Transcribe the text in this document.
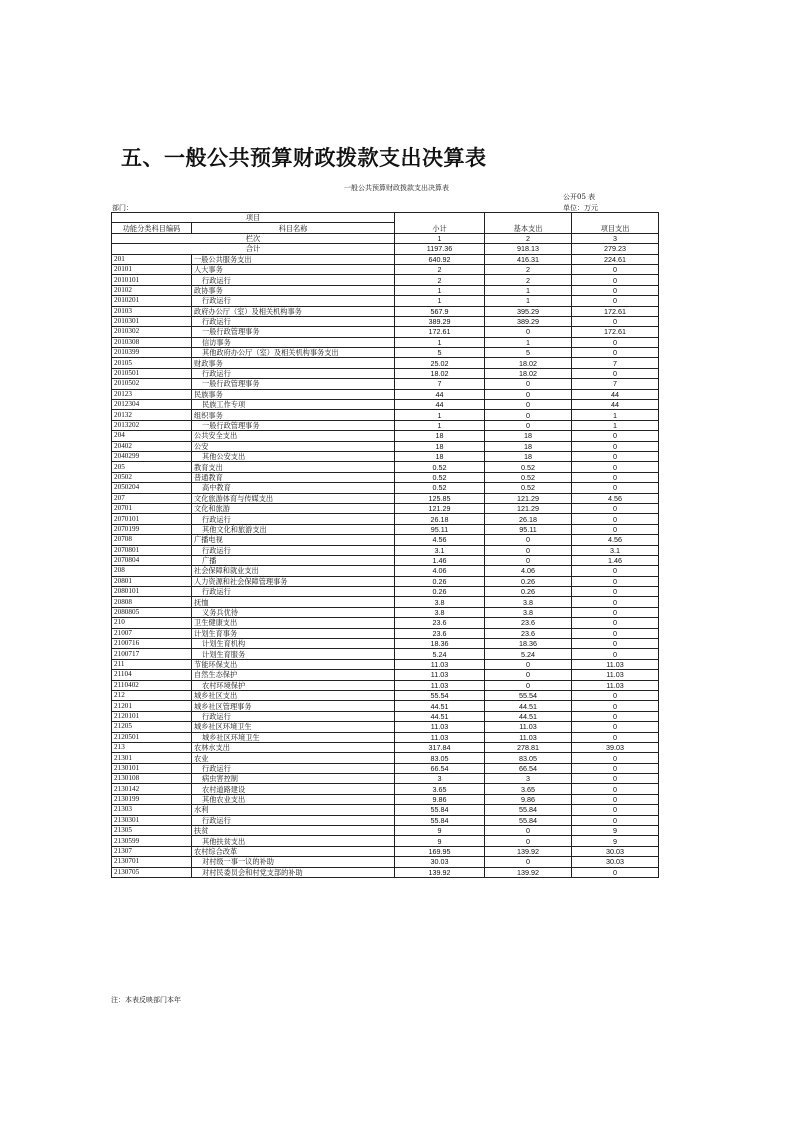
五、一般公共预算财政拨款支出决算表
一般公共预算财政拨款支出决算表
公开05 表
部门：	单位：万元
项目		小计	基本支出	项目支出
功能分类科目编码	科目名称			
栏次		1	2	3
合计		1197.36	918.13	279.23
201	一般公共服务支出	640.92	416.31	224.61
20101	人大事务	2	2	0
2010101	行政运行	2	2	0
20102	政协事务	1	1	0
2010201	行政运行	1	1	0
20103	政府办公厅（室）及相关机构事务	567.9	395.29	172.61
2010301	行政运行	389.29	389.29	0
2010302	一般行政管理事务	172.61	0	172.61
2010308	信访事务	1	1	0
2010399	其他政府办公厅（室）及相关机构事务支出	5	5	0
20105	财政事务	25.02	18.02	7
2010501	行政运行	18.02	18.02	0
2010502	一般行政管理事务	7	0	7
20123	民族事务	44	0	44
2012304	民族工作专项	44	0	44
20132	组织事务	1	0	1
2013202	一般行政管理事务	1	0	1
204	公共安全支出	18	18	0
20402	公安	18	18	0
2040299	其他公安支出	18	18	0
205	教育支出	0.52	0.52	0
20502	普通教育	0.52	0.52	0
2050204	高中教育	0.52	0.52	0
207	文化旅游体育与传媒支出	125.85	121.29	4.56
20701	文化和旅游	121.29	121.29	0
2070101	行政运行	26.18	26.18	0
2070199	其他文化和旅游支出	95.11	95.11	0
20708	广播电视	4.56	0	4.56
2070801	行政运行	3.1	0	3.1
2070804	广播	1.46	0	1.46
208	社会保障和就业支出	4.06	4.06	0
20801	人力资源和社会保障管理事务	0.26	0.26	0
2080101	行政运行	0.26	0.26	0
20808	抚恤	3.8	3.8	0
2080805	义务兵优待	3.8	3.8	0
210	卫生健康支出	23.6	23.6	0
21007	计划生育事务	23.6	23.6	0
2100716	计划生育机构	18.36	18.36	0
2100717	计划生育服务	5.24	5.24	0
211	节能环保支出	11.03	0	11.03
21104	自然生态保护	11.03	0	11.03
2110402	农村环境保护	11.03	0	11.03
212	城乡社区支出	55.54	55.54	0
21201	城乡社区管理事务	44.51	44.51	0
2120101	行政运行	44.51	44.51	0
21205	城乡社区环境卫生	11.03	11.03	0
2120501	城乡社区环境卫生	11.03	11.03	0
213	农林水支出	317.84	278.81	39.03
21301	农业	83.05	83.05	0
2130101	行政运行	66.54	66.54	0
2130108	病虫害控制	3	3	0
2130142	农村道路建设	3.65	3.65	0
2130199	其他农业支出	9.86	9.86	0
21303	水利	55.84	55.84	0
2130301	行政运行	55.84	55.84	0
21305	扶贫	9	0	9
2130599	其他扶贫支出	9	0	9
21307	农村综合改革	169.95	139.92	30.03
2130701	对村级一事一议的补助	30.03	0	30.03
2130705	对村民委员会和村党支部的补助	139.92	139.92	0
注：本表反映部门本年
